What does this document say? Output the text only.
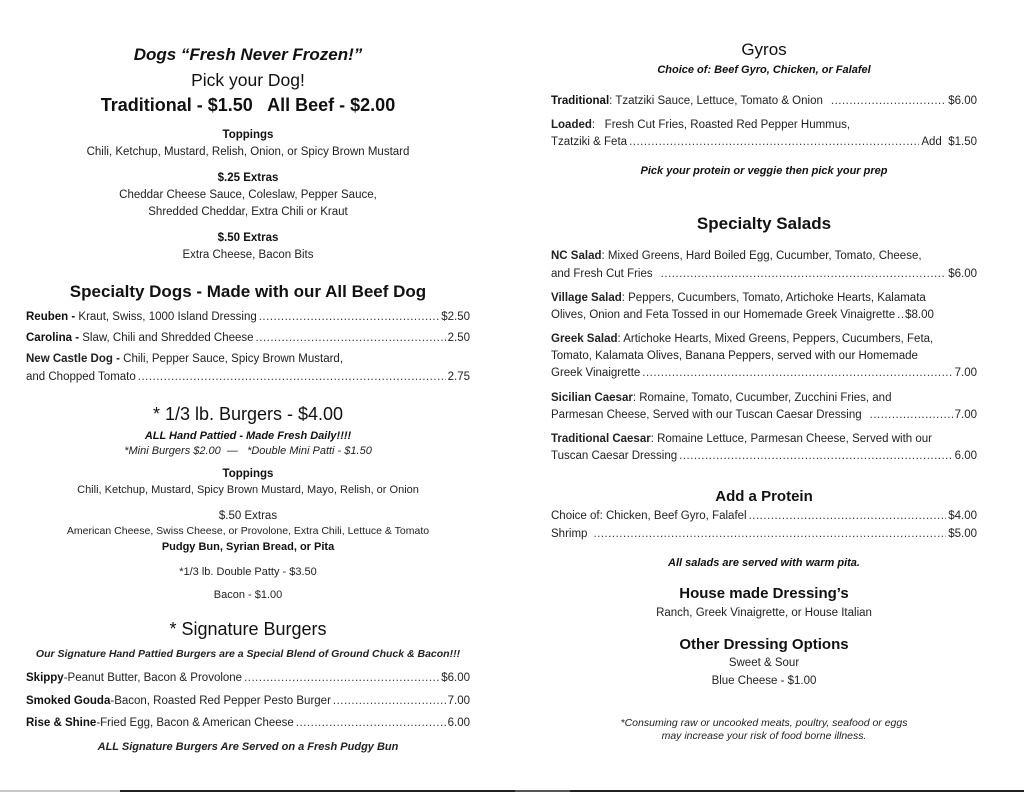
Dogs “Fresh Never Frozen!”
Pick your Dog!
Traditional - $1.50   All Beef - $2.00
Toppings
Chili, Ketchup, Mustard, Relish, Onion, or Spicy Brown Mustard
$.25 Extras
Cheddar Cheese Sauce, Coleslaw, Pepper Sauce,
Shredded Cheddar, Extra Chili or Kraut
$.50 Extras
Extra Cheese, Bacon Bits
Specialty Dogs - Made with our All Beef Dog
Reuben - Kraut, Swiss, 1000 Island Dressing .....	$2.50
Carolina - Slaw, Chili and Shredded Cheese .....	2.50
New Castle Dog - Chili, Pepper Sauce, Spicy Brown Mustard,
and Chopped Tomato .....	2.75
* 1/3 lb. Burgers - $4.00
ALL Hand Pattied - Made Fresh Daily!!!!
*Mini Burgers $2.00  —   *Double Mini Patti - $1.50
Toppings
Chili, Ketchup, Mustard, Spicy Brown Mustard, Mayo, Relish, or Onion
$.50 Extras
American Cheese, Swiss Cheese, or Provolone, Extra Chili, Lettuce & Tomato
Pudgy Bun, Syrian Bread, or Pita
*1/3 lb. Double Patty - $3.50
Bacon - $1.00
* Signature Burgers
Our Signature Hand Pattied Burgers are a Special Blend of Ground Chuck & Bacon!!!
Skippy -Peanut Butter, Bacon & Provolone .....	$6.00
Smoked Gouda -Bacon, Roasted Red Pepper Pesto Burger .....	7.00
Rise & Shine -Fried Egg, Bacon & American Cheese .....	6.00
ALL Signature Burgers Are Served on a Fresh Pudgy Bun
Gyros
Choice of: Beef Gyro, Chicken, or Falafel
Traditional : Tzatziki Sauce, Lettuce, Tomato & Onion .....	$6.00
Loaded:   Fresh Cut Fries, Roasted Red Pepper Hummus,
Tzatziki & Feta .....	Add  $1.50
Pick your protein or veggie then pick your prep
Specialty Salads
NC Salad: Mixed Greens, Hard Boiled Egg, Cucumber, Tomato, Cheese,
and Fresh Cut Fries .....	$6.00
Village Salad: Peppers, Cucumbers, Tomato, Artichoke Hearts, Kalamata
Olives, Onion and Feta Tossed in our Homemade Greek Vinaigrette ..... $8.00
Greek Salad: Artichoke Hearts, Mixed Greens, Peppers, Cucumbers, Feta,
Tomato, Kalamata Olives, Banana Peppers, served with our Homemade
Greek Vinaigrette .....	7.00
Sicilian Caesar: Romaine, Tomato, Cucumber, Zucchini Fries, and
Parmesan Cheese, Served with our Tuscan Caesar Dressing .....	7.00
Traditional Caesar: Romaine Lettuce, Parmesan Cheese, Served with our
Tuscan Caesar Dressing .....	6.00
Add a Protein
Choice of: Chicken, Beef Gyro, Falafel .....	$4.00
Shrimp .....	$5.00
All salads are served with warm pita.
House made Dressing’s
Ranch, Greek Vinaigrette, or House Italian
Other Dressing Options
Sweet & Sour
Blue Cheese - $1.00
*Consuming raw or uncooked meats, poultry, seafood or eggs
may increase your risk of food borne illness.
